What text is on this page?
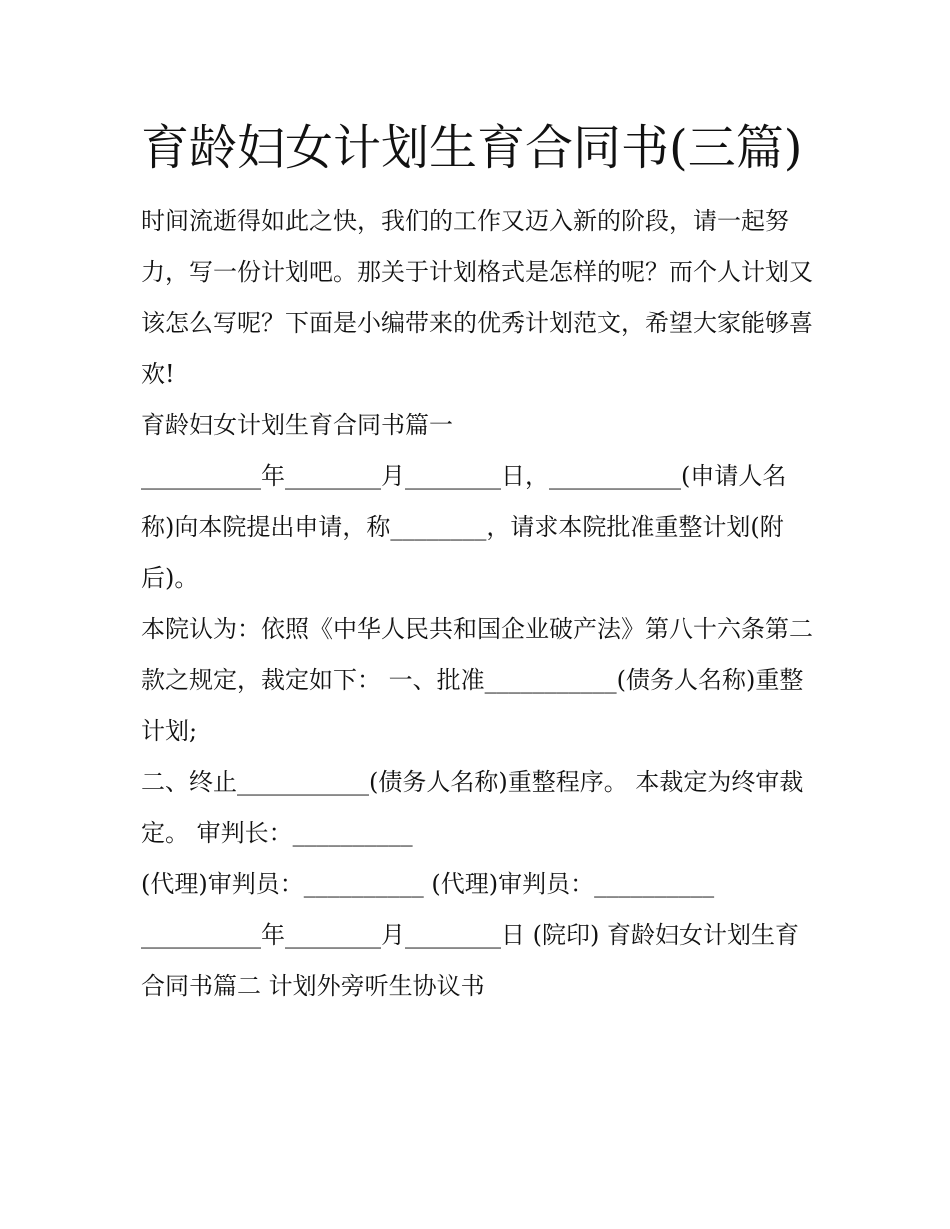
育龄妇女计划生育合同书(三篇)

时间流逝得如此之快，我们的工作又迈入新的阶段，请一起努力，写一份计划吧。那关于计划格式是怎样的呢？而个人计划又该怎么写呢？下面是小编带来的优秀计划范文，希望大家能够喜欢!

育龄妇女计划生育合同书篇一

__________年________月________日，___________(申请人名称)向本院提出申请，称________，请求本院批准重整计划(附后)。

本院认为：依照《中华人民共和国企业破产法》第八十六条第二款之规定，裁定如下： 一、批准___________(债务人名称)重整计划;

二、终止___________(债务人名称)重整程序。 本裁定为终审裁定。 审判长：__________

(代理)审判员：__________ (代理)审判员：__________

__________年________月________日 (院印) 育龄妇女计划生育合同书篇二 计划外旁听生协议书
